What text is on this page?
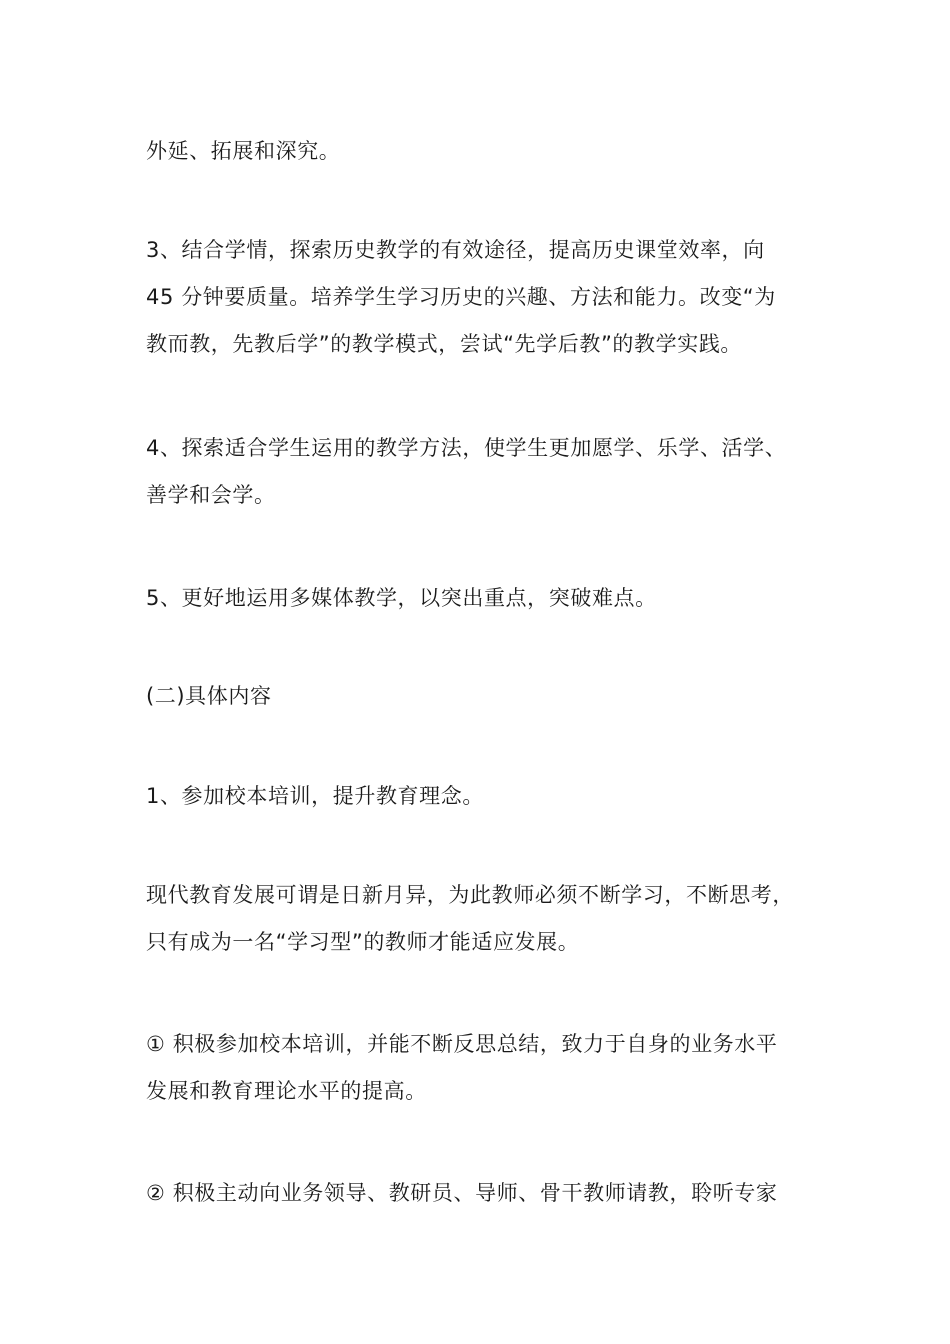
外延、拓展和深究。

3、结合学情，探索历史教学的有效途径，提高历史课堂效率，向
45 分钟要质量。培养学生学习历史的兴趣、方法和能力。改变“为
教而教，先教后学”的教学模式，尝试“先学后教”的教学实践。

4、探索适合学生运用的教学方法，使学生更加愿学、乐学、活学、
善学和会学。

5、更好地运用多媒体教学，以突出重点，突破难点。

(二)具体内容

1、参加校本培训，提升教育理念。

现代教育发展可谓是日新月异，为此教师必须不断学习，不断思考，
只有成为一名“学习型”的教师才能适应发展。

① 积极参加校本培训，并能不断反思总结，致力于自身的业务水平
发展和教育理论水平的提高。

② 积极主动向业务领导、教研员、导师、骨干教师请教，聆听专家
